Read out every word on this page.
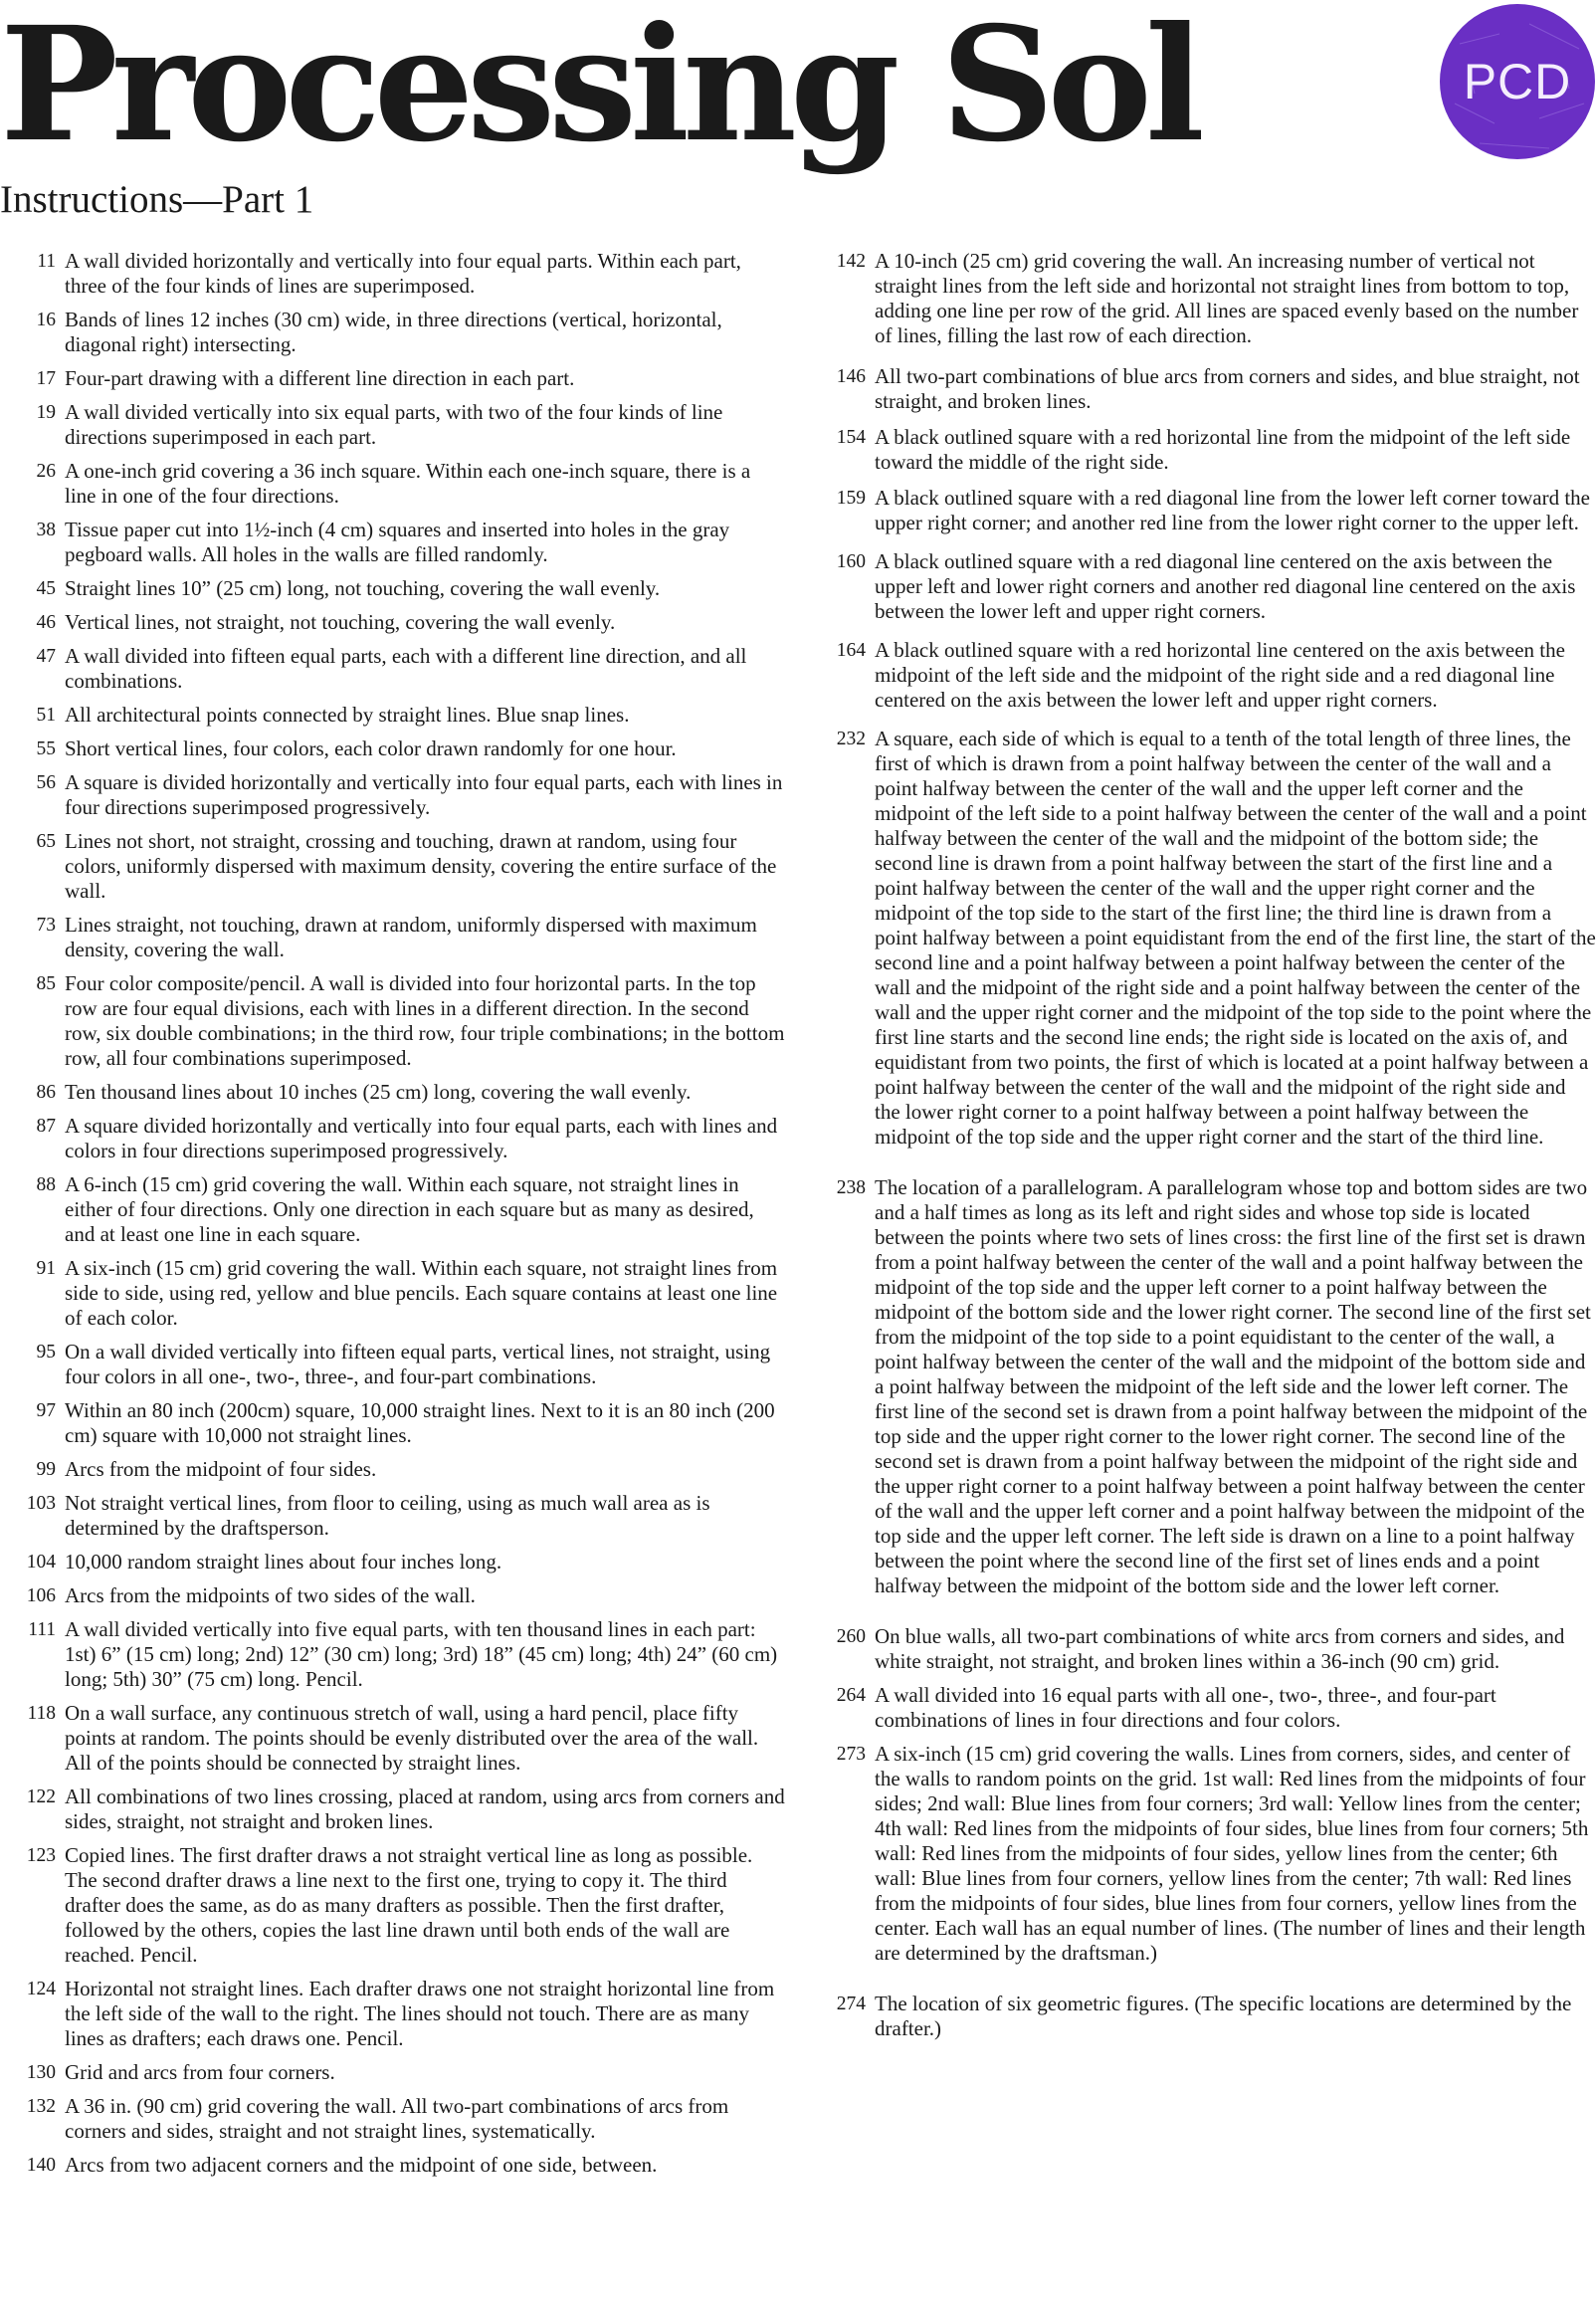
Processing Sol	PCD
Instructions—Part 1
11 A wall divided horizontally and vertically into four equal parts. Within each part, three of the four kinds of lines are superimposed.
16 Bands of lines 12 inches (30 cm) wide, in three directions (vertical, horizontal, diagonal right) intersecting.
17 Four-part drawing with a different line direction in each part.
19 A wall divided vertically into six equal parts, with two of the four kinds of line directions superimposed in each part.
26 A one-inch grid covering a 36 inch square. Within each one-inch square, there is a line in one of the four directions.
38 Tissue paper cut into 1½-inch (4 cm) squares and inserted into holes in the gray pegboard walls. All holes in the walls are filled randomly.
45 Straight lines 10” (25 cm) long, not touching, covering the wall evenly.
46 Vertical lines, not straight, not touching, covering the wall evenly.
47 A wall divided into fifteen equal parts, each with a different line direction, and all combinations.
51 All architectural points connected by straight lines. Blue snap lines.
55 Short vertical lines, four colors, each color drawn randomly for one hour.
56 A square is divided horizontally and vertically into four equal parts, each with lines in four directions superimposed progressively.
65 Lines not short, not straight, crossing and touching, drawn at random, using four colors, uniformly dispersed with maximum density, covering the entire surface of the wall.
73 Lines straight, not touching, drawn at random, uniformly dispersed with maximum density, covering the wall.
85 Four color composite/pencil. A wall is divided into four horizontal parts. In the top row are four equal divisions, each with lines in a different direction. In the second row, six double combinations; in the third row, four triple combinations; in the bottom row, all four combinations superimposed.
86 Ten thousand lines about 10 inches (25 cm) long, covering the wall evenly.
87 A square divided horizontally and vertically into four equal parts, each with lines and colors in four directions superimposed progressively.
88 A 6-inch (15 cm) grid covering the wall. Within each square, not straight lines in either of four directions. Only one direction in each square but as many as desired, and at least one line in each square.
91 A six-inch (15 cm) grid covering the wall. Within each square, not straight lines from side to side, using red, yellow and blue pencils. Each square contains at least one line of each color.
95 On a wall divided vertically into fifteen equal parts, vertical lines, not straight, using four colors in all one-, two-, three-, and four-part combinations.
97 Within an 80 inch (200cm) square, 10,000 straight lines. Next to it is an 80 inch (200 cm) square with 10,000 not straight lines.
99 Arcs from the midpoint of four sides.
103 Not straight vertical lines, from floor to ceiling, using as much wall area as is determined by the draftsperson.
104 10,000 random straight lines about four inches long.
106 Arcs from the midpoints of two sides of the wall.
111 A wall divided vertically into five equal parts, with ten thousand lines in each part: 1st) 6” (15 cm) long; 2nd) 12” (30 cm) long; 3rd) 18” (45 cm) long; 4th) 24” (60 cm) long; 5th) 30” (75 cm) long. Pencil.
118 On a wall surface, any continuous stretch of wall, using a hard pencil, place fifty points at random. The points should be evenly distributed over the area of the wall. All of the points should be connected by straight lines.
122 All combinations of two lines crossing, placed at random, using arcs from corners and sides, straight, not straight and broken lines.
123 Copied lines. The first drafter draws a not straight vertical line as long as possible. The second drafter draws a line next to the first one, trying to copy it. The third drafter does the same, as do as many drafters as possible. Then the first drafter, followed by the others, copies the last line drawn until both ends of the wall are reached. Pencil.
124 Horizontal not straight lines. Each drafter draws one not straight horizontal line from the left side of the wall to the right. The lines should not touch. There are as many lines as drafters; each draws one. Pencil.
130 Grid and arcs from four corners.
132 A 36 in. (90 cm) grid covering the wall. All two-part combinations of arcs from corners and sides, straight and not straight lines, systematically.
140 Arcs from two adjacent corners and the midpoint of one side, between.
142 A 10-inch (25 cm) grid covering the wall. An increasing number of vertical not straight lines from the left side and horizontal not straight lines from bottom to top, adding one line per row of the grid. All lines are spaced evenly based on the number of lines, filling the last row of each direction.
146 All two-part combinations of blue arcs from corners and sides, and blue straight, not straight, and broken lines.
154 A black outlined square with a red horizontal line from the midpoint of the left side toward the middle of the right side.
159 A black outlined square with a red diagonal line from the lower left corner toward the upper right corner; and another red line from the lower right corner to the upper left.
160 A black outlined square with a red diagonal line centered on the axis between the upper left and lower right corners and another red diagonal line centered on the axis between the lower left and upper right corners.
164 A black outlined square with a red horizontal line centered on the axis between the midpoint of the left side and the midpoint of the right side and a red diagonal line centered on the axis between the lower left and upper right corners.
232 A square, each side of which is equal to a tenth of the total length of three lines, the first of which is drawn from a point halfway between the center of the wall and a point halfway between the center of the wall and the upper left corner and the midpoint of the left side to a point halfway between the center of the wall and a point halfway between the center of the wall and the midpoint of the bottom side; the second line is drawn from a point halfway between the start of the first line and a point halfway between the center of the wall and the upper right corner and the midpoint of the top side to the start of the first line; the third line is drawn from a point halfway between a point equidistant from the end of the first line, the start of the second line and a point halfway between a point halfway between the center of the wall and the midpoint of the right side and a point halfway between the center of the wall and the upper right corner and the midpoint of the top side to the point where the first line starts and the second line ends; the right side is located on the axis of, and equidistant from two points, the first of which is located at a point halfway between a point halfway between the center of the wall and the midpoint of the right side and the lower right corner to a point halfway between a point halfway between the midpoint of the top side and the upper right corner and the start of the third line.
238 The location of a parallelogram. A parallelogram whose top and bottom sides are two and a half times as long as its left and right sides and whose top side is located between the points where two sets of lines cross: the first line of the first set is drawn from a point halfway between the center of the wall and a point halfway between the midpoint of the top side and the upper left corner to a point halfway between the midpoint of the bottom side and the lower right corner. The second line of the first set from the midpoint of the top side to a point equidistant to the center of the wall, a point halfway between the center of the wall and the midpoint of the bottom side and a point halfway between the midpoint of the left side and the lower left corner. The first line of the second set is drawn from a point halfway between the midpoint of the top side and the upper right corner to the lower right corner. The second line of the second set is drawn from a point halfway between the midpoint of the right side and the upper right corner to a point halfway between a point halfway between the center of the wall and the upper left corner and a point halfway between the midpoint of the top side and the upper left corner. The left side is drawn on a line to a point halfway between the point where the second line of the first set of lines ends and a point halfway between the midpoint of the bottom side and the lower left corner.
260 On blue walls, all two-part combinations of white arcs from corners and sides, and white straight, not straight, and broken lines within a 36-inch (90 cm) grid.
264 A wall divided into 16 equal parts with all one-, two-, three-, and four-part combinations of lines in four directions and four colors.
273 A six-inch (15 cm) grid covering the walls. Lines from corners, sides, and center of the walls to random points on the grid. 1st wall: Red lines from the midpoints of four sides; 2nd wall: Blue lines from four corners; 3rd wall: Yellow lines from the center; 4th wall: Red lines from the midpoints of four sides, blue lines from four corners; 5th wall: Red lines from the midpoints of four sides, yellow lines from the center; 6th wall: Blue lines from four corners, yellow lines from the center; 7th wall: Red lines from the midpoints of four sides, blue lines from four corners, yellow lines from the center. Each wall has an equal number of lines. (The number of lines and their length are determined by the draftsman.)
274 The location of six geometric figures. (The specific locations are determined by the drafter.)
